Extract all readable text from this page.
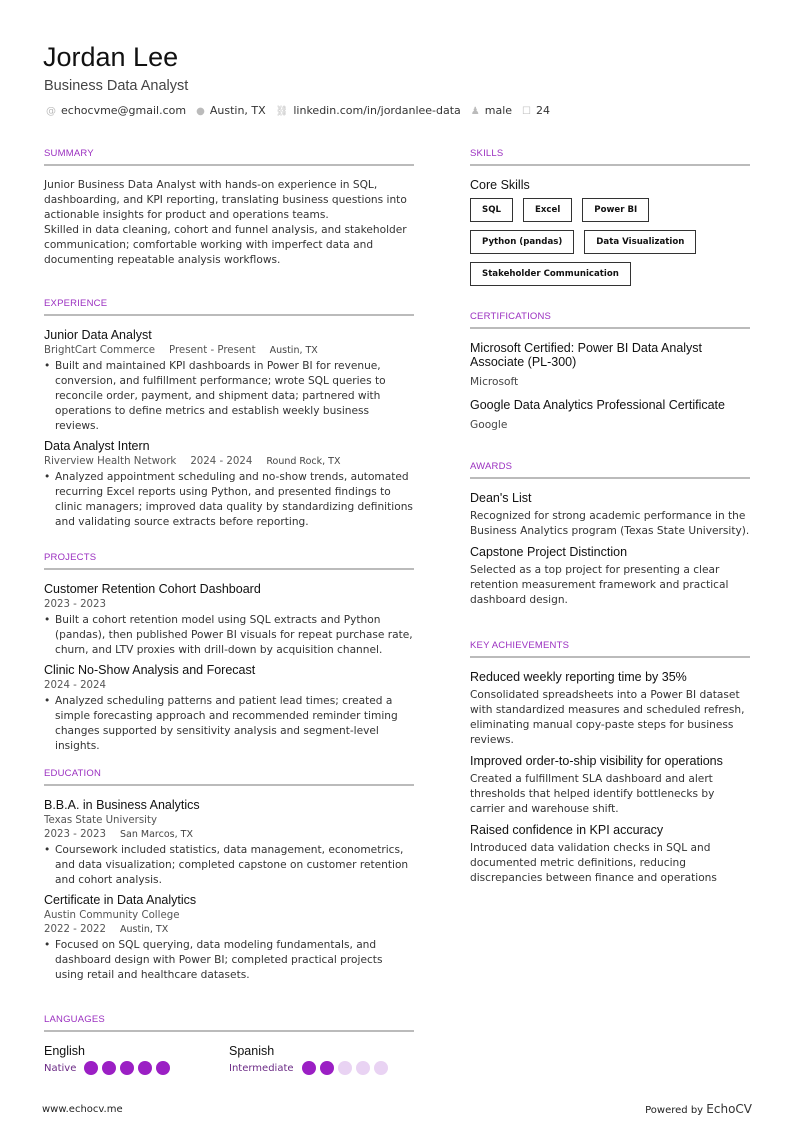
Jordan Lee
Business Data Analyst
@ echocvme@gmail.com ● Austin, TX ⛓ linkedin.com/in/jordanlee-data ♟ male ☐ 24
SUMMARY

Junior Business Data Analyst with hands-on experience in SQL, dashboarding, and KPI reporting, translating business questions into actionable insights for product and operations teams.

Skilled in data cleaning, cohort and funnel analysis, and stakeholder communication; comfortable working with imperfect data and documenting repeatable analysis workflows.

EXPERIENCE
Junior Data Analyst
BrightCart Commerce Present - Present Austin, TX
• Built and maintained KPI dashboards in Power BI for revenue, conversion, and fulfillment performance; wrote SQL queries to reconcile order, payment, and shipment data; partnered with operations to define metrics and establish weekly business reviews.
Data Analyst Intern
Riverview Health Network 2024 - 2024 Round Rock, TX
• Analyzed appointment scheduling and no-show trends, automated recurring Excel reports using Python, and presented findings to clinic managers; improved data quality by standardizing definitions and validating source extracts before reporting.
PROJECTS
Customer Retention Cohort Dashboard
2023 - 2023
• Built a cohort retention model using SQL extracts and Python (pandas), then published Power BI visuals for repeat purchase rate, churn, and LTV proxies with drill-down by acquisition channel.
Clinic No-Show Analysis and Forecast
2024 - 2024
• Analyzed scheduling patterns and patient lead times; created a simple forecasting approach and recommended reminder timing changes supported by sensitivity analysis and segment-level insights.
EDUCATION
B.B.A. in Business Analytics
Texas State University
2023 - 2023 San Marcos, TX
• Coursework included statistics, data management, econometrics, and data visualization; completed capstone on customer retention and cohort analysis.
Certificate in Data Analytics
Austin Community College
2022 - 2022 Austin, TX
• Focused on SQL querying, data modeling fundamentals, and dashboard design with Power BI; completed practical projects using retail and healthcare datasets.
LANGUAGES
English
Native
Spanish
Intermediate
SKILLS
Core Skills
SQL	Excel	Power BI
Python (pandas)	Data Visualization
Stakeholder Communication
CERTIFICATIONS
Microsoft Certified: Power BI Data Analyst Associate (PL-300)

Microsoft

Google Data Analytics Professional Certificate

Google

AWARDS
Dean's List

Recognized for strong academic performance in the Business Analytics program (Texas State University).

Capstone Project Distinction

Selected as a top project for presenting a clear retention measurement framework and practical dashboard design.

KEY ACHIEVEMENTS
Reduced weekly reporting time by 35%

Consolidated spreadsheets into a Power BI dataset with standardized measures and scheduled refresh, eliminating manual copy-paste steps for business reviews.

Improved order-to-ship visibility for operations

Created a fulfillment SLA dashboard and alert thresholds that helped identify bottlenecks by carrier and warehouse shift.

Raised confidence in KPI accuracy

Introduced data validation checks in SQL and documented metric definitions, reducing discrepancies between finance and operations

www.echocv.me	Powered by EchoCV
